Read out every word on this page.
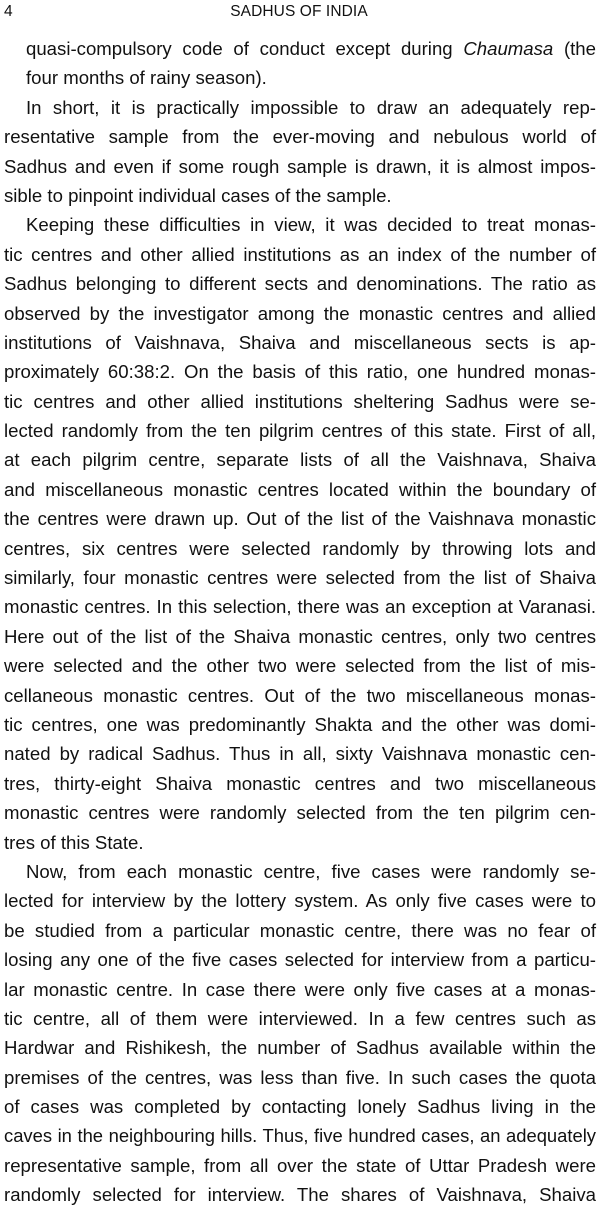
4	SADHUS OF INDIA
quasi-compulsory code of conduct except during Chaumasa (the
four months of rainy season).
In short, it is practically impossible to draw an adequately rep-
resentative sample from the ever-moving and nebulous world of
Sadhus and even if some rough sample is drawn, it is almost impos-
sible to pinpoint individual cases of the sample.
Keeping these difficulties in view, it was decided to treat monas-
tic centres and other allied institutions as an index of the number of
Sadhus belonging to different sects and denominations. The ratio as
observed by the investigator among the monastic centres and allied
institutions of Vaishnava, Shaiva and miscellaneous sects is ap-
proximately 60:38:2. On the basis of this ratio, one hundred monas-
tic centres and other allied institutions sheltering Sadhus were se-
lected randomly from the ten pilgrim centres of this state. First of all,
at each pilgrim centre, separate lists of all the Vaishnava, Shaiva
and miscellaneous monastic centres located within the boundary of
the centres were drawn up. Out of the list of the Vaishnava monastic
centres, six centres were selected randomly by throwing lots and
similarly, four monastic centres were selected from the list of Shaiva
monastic centres. In this selection, there was an exception at Varanasi.
Here out of the list of the Shaiva monastic centres, only two centres
were selected and the other two were selected from the list of mis-
cellaneous monastic centres. Out of the two miscellaneous monas-
tic centres, one was predominantly Shakta and the other was domi-
nated by radical Sadhus. Thus in all, sixty Vaishnava monastic cen-
tres, thirty-eight Shaiva monastic centres and two miscellaneous
monastic centres were randomly selected from the ten pilgrim cen-
tres of this State.
Now, from each monastic centre, five cases were randomly se-
lected for interview by the lottery system. As only five cases were to
be studied from a particular monastic centre, there was no fear of
losing any one of the five cases selected for interview from a particu-
lar monastic centre. In case there were only five cases at a monas-
tic centre, all of them were interviewed. In a few centres such as
Hardwar and Rishikesh, the number of Sadhus available within the
premises of the centres, was less than five. In such cases the quota
of cases was completed by contacting lonely Sadhus living in the
caves in the neighbouring hills. Thus, five hundred cases, an adequately
representative sample, from all over the state of Uttar Pradesh were
randomly selected for interview. The shares of Vaishnava, Shaiva
